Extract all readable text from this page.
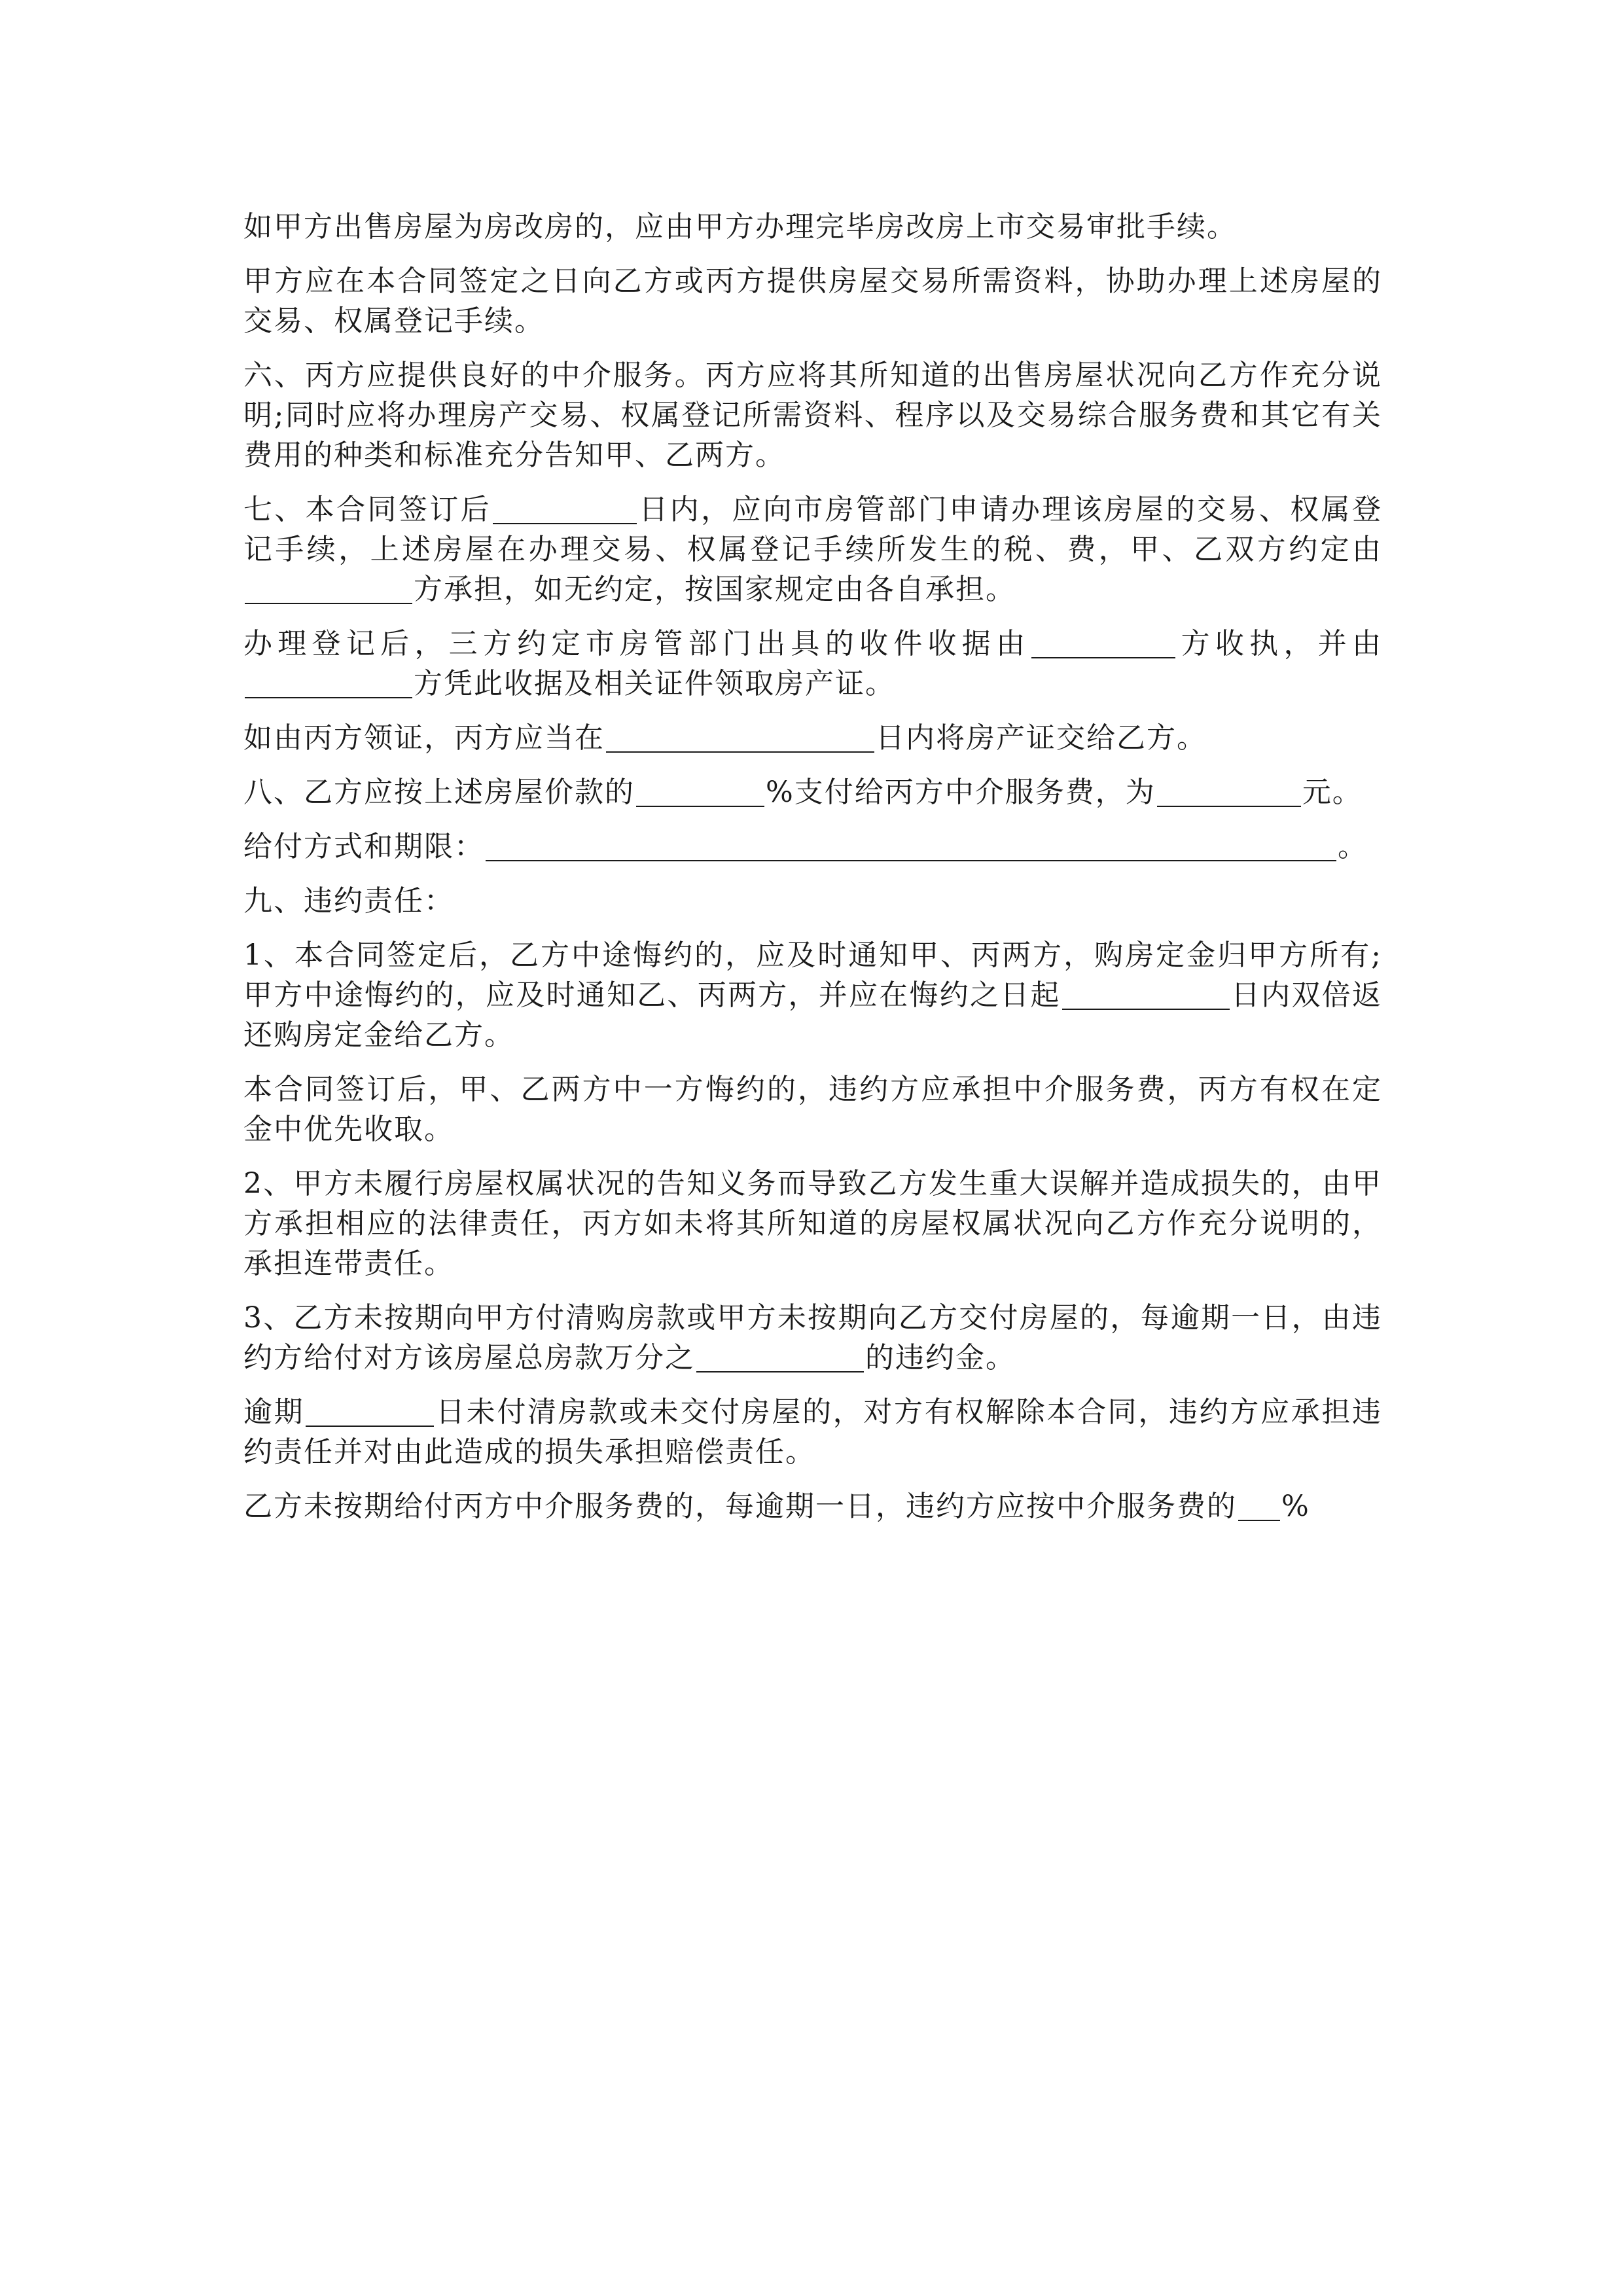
如甲方出售房屋为房改房的，应由甲方办理完毕房改房上市交易审批手续。

甲方应在本合同签定之日向乙方或丙方提供房屋交易所需资料，协助办理上述房屋的交易、权属登记手续。

六、丙方应提供良好的中介服务。丙方应将其所知道的出售房屋状况向乙方作充分说明;同时应将办理房产交易、权属登记所需资料、程序以及交易综合服务费和其它有关费用的种类和标准充分告知甲、乙两方。

七、本合同签订后	日内，应向市房管部门申请办理该房屋的交易、权属登记手续，上述房屋在办理交易、权属登记手续所发生的税、费，甲、乙双方约定由方承担，如无约定，按国家规定由各自承担。

办理登记后，三方约定市房管部门出具的收件收据由	方收执，并由方凭此收据及相关证件领取房产证。

如由丙方领证，丙方应当在	日内将房产证交给乙方。

八、乙方应按上述房屋价款的	%支付给丙方中介服务费，为	元。

给付方式和期限：	。

九、违约责任：

1、本合同签定后，乙方中途悔约的，应及时通知甲、丙两方，购房定金归甲方所有;甲方中途悔约的，应及时通知乙、丙两方，并应在悔约之日起	日内双倍返还购房定金给乙方。

本合同签订后，甲、乙两方中一方悔约的，违约方应承担中介服务费，丙方有权在定金中优先收取。

2、甲方未履行房屋权属状况的告知义务而导致乙方发生重大误解并造成损失的，由甲方承担相应的法律责任，丙方如未将其所知道的房屋权属状况向乙方作充分说明的，承担连带责任。

3、乙方未按期向甲方付清购房款或甲方未按期向乙方交付房屋的，每逾期一日，由违约方给付对方该房屋总房款万分之	的违约金。

逾期	日未付清房款或未交付房屋的，对方有权解除本合同，违约方应承担违约责任并对由此造成的损失承担赔偿责任。

乙方未按期给付丙方中介服务费的，每逾期一日，违约方应按中介服务费的 %
